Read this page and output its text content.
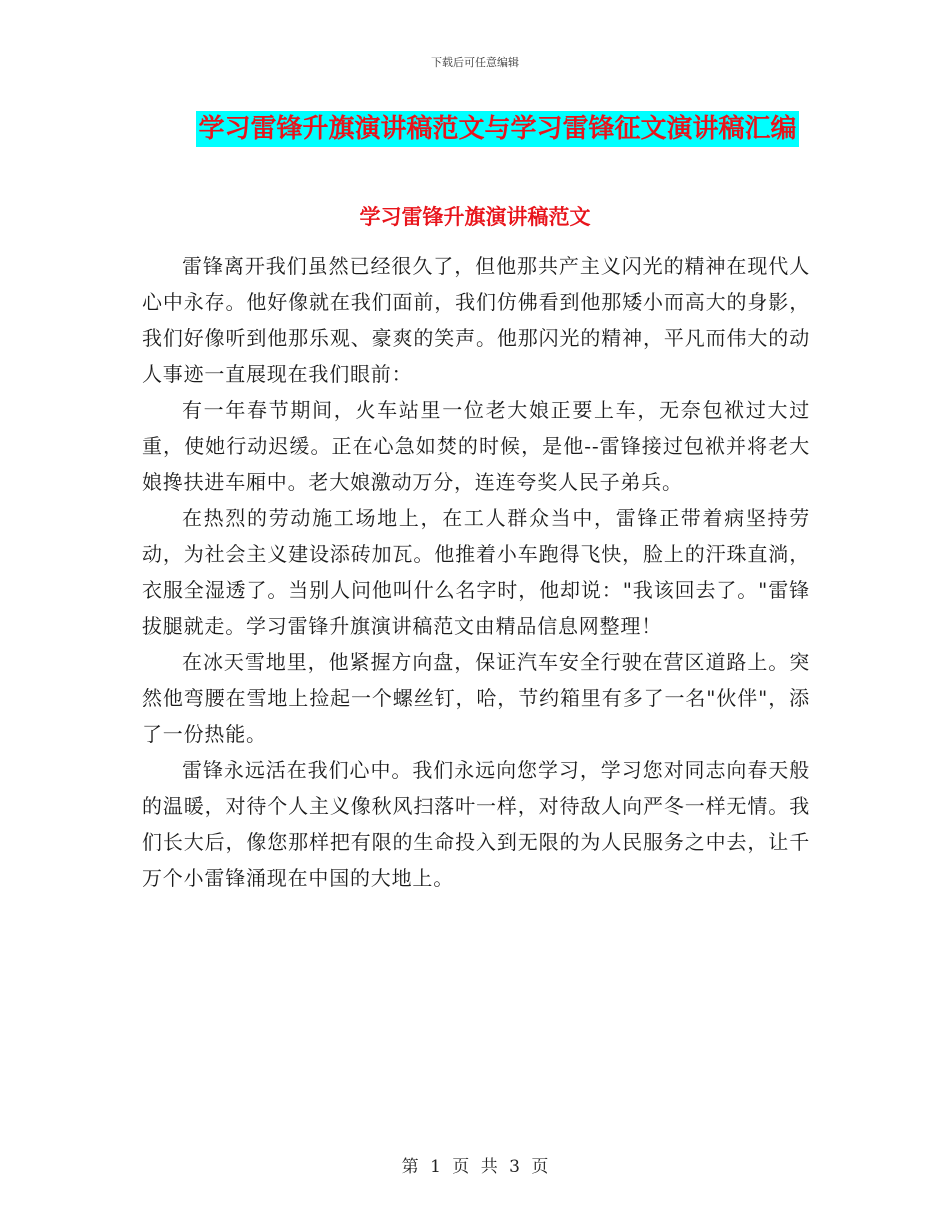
下载后可任意编辑
学习雷锋升旗演讲稿范文与学习雷锋征文演讲稿汇编
学习雷锋升旗演讲稿范文

雷锋离开我们虽然已经很久了，但他那共产主义闪光的精神在现代人心中永存。他好像就在我们面前，我们仿佛看到他那矮小而高大的身影，我们好像听到他那乐观、豪爽的笑声。他那闪光的精神，平凡而伟大的动人事迹一直展现在我们眼前：

有一年春节期间，火车站里一位老大娘正要上车，无奈包袱过大过重，使她行动迟缓。正在心急如焚的时候，是他--雷锋接过包袱并将老大娘搀扶进车厢中。老大娘激动万分，连连夸奖人民子弟兵。

在热烈的劳动施工场地上，在工人群众当中，雷锋正带着病坚持劳动，为社会主义建设添砖加瓦。他推着小车跑得飞快，脸上的汗珠直淌，衣服全湿透了。当别人问他叫什么名字时，他却说："我该回去了。"雷锋拔腿就走。学习雷锋升旗演讲稿范文由精品信息网整理！

在冰天雪地里，他紧握方向盘，保证汽车安全行驶在营区道路上。突然他弯腰在雪地上捡起一个螺丝钉，哈，节约箱里有多了一名"伙伴"，添了一份热能。

雷锋永远活在我们心中。我们永远向您学习，学习您对同志向春天般的温暖，对待个人主义像秋风扫落叶一样，对待敌人向严冬一样无情。我们长大后，像您那样把有限的生命投入到无限的为人民服务之中去，让千万个小雷锋涌现在中国的大地上。

第 1 页 共 3 页
